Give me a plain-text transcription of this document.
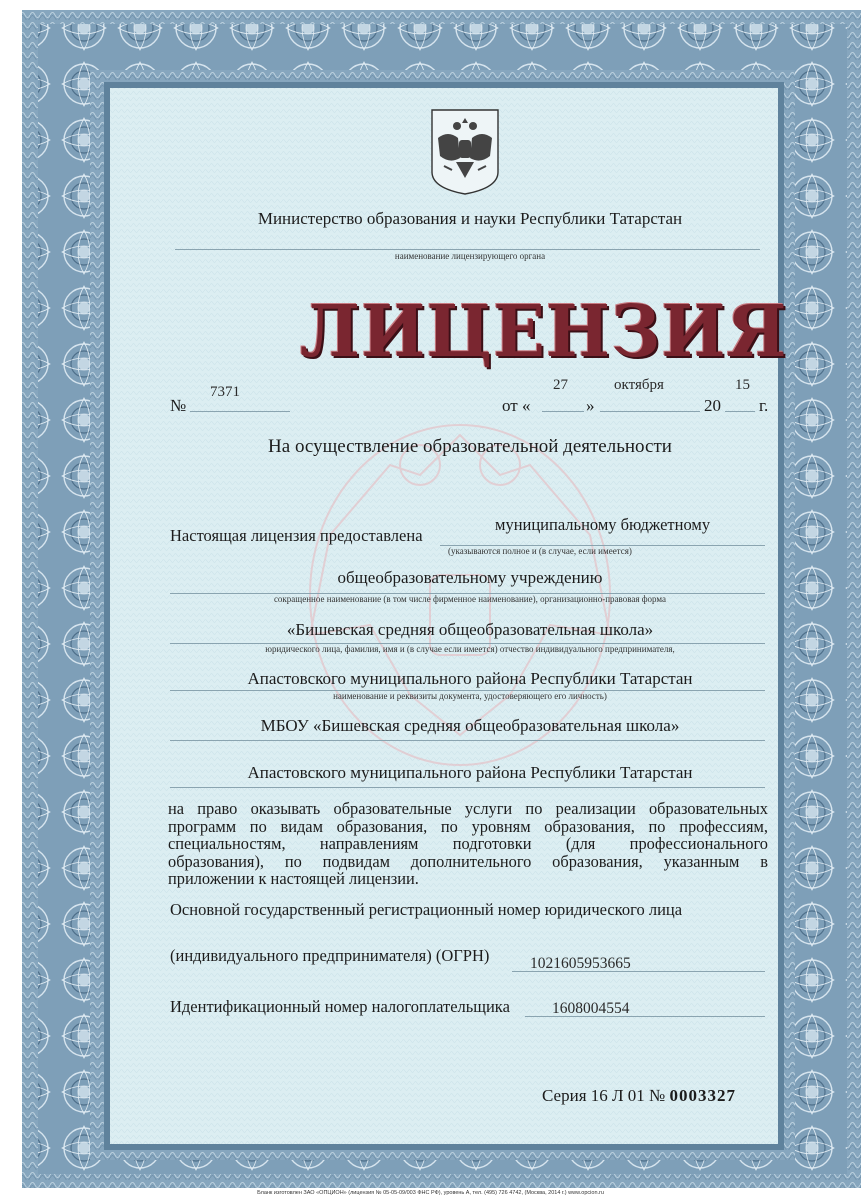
Министерство образования и науки Республики Татарстан
наименование лицензирующего органа
ЛИЦЕНЗИЯ
№
7371
от «
27
»
октября
20
15
г.
На осуществление образовательной деятельности
Настоящая лицензия предоставлена
муниципальному бюджетному
(указываются полное и (в случае, если имеется)
общеобразовательному учреждению
сокращенное наименование (в том числе фирменное наименование), организационно-правовая форма
«Бишевская средняя общеобразовательная школа»
юридического лица, фамилия, имя и (в случае если имеется) отчество индивидуального предпринимателя,
Апастовского муниципального района Республики Татарстан
наименование и реквизиты документа, удостоверяющего его личность)
МБОУ «Бишевская средняя общеобразовательная школа»
Апастовского муниципального района Республики Татарстан
на право оказывать образовательные услуги по реализации образовательных
программ по видам образования, по уровням образования, по профессиям,
специальностям, направлениям подготовки (для профессионального
образования), по подвидам дополнительного образования, указанным в
приложении к настоящей лицензии.
Основной государственный регистрационный номер юридического лица
(индивидуального предпринимателя) (ОГРН)	1021605953665
Идентификационный номер налогоплательщика	1608004554
Серия 16 Л 01 № 0003327
Бланк изготовлен ЗАО «ОПЦИОН» (лицензия № 05-05-09/003 ФНС РФ), уровень А, тел. (495) 726 4742, (Москва, 2014 г.) www.opcion.ru
